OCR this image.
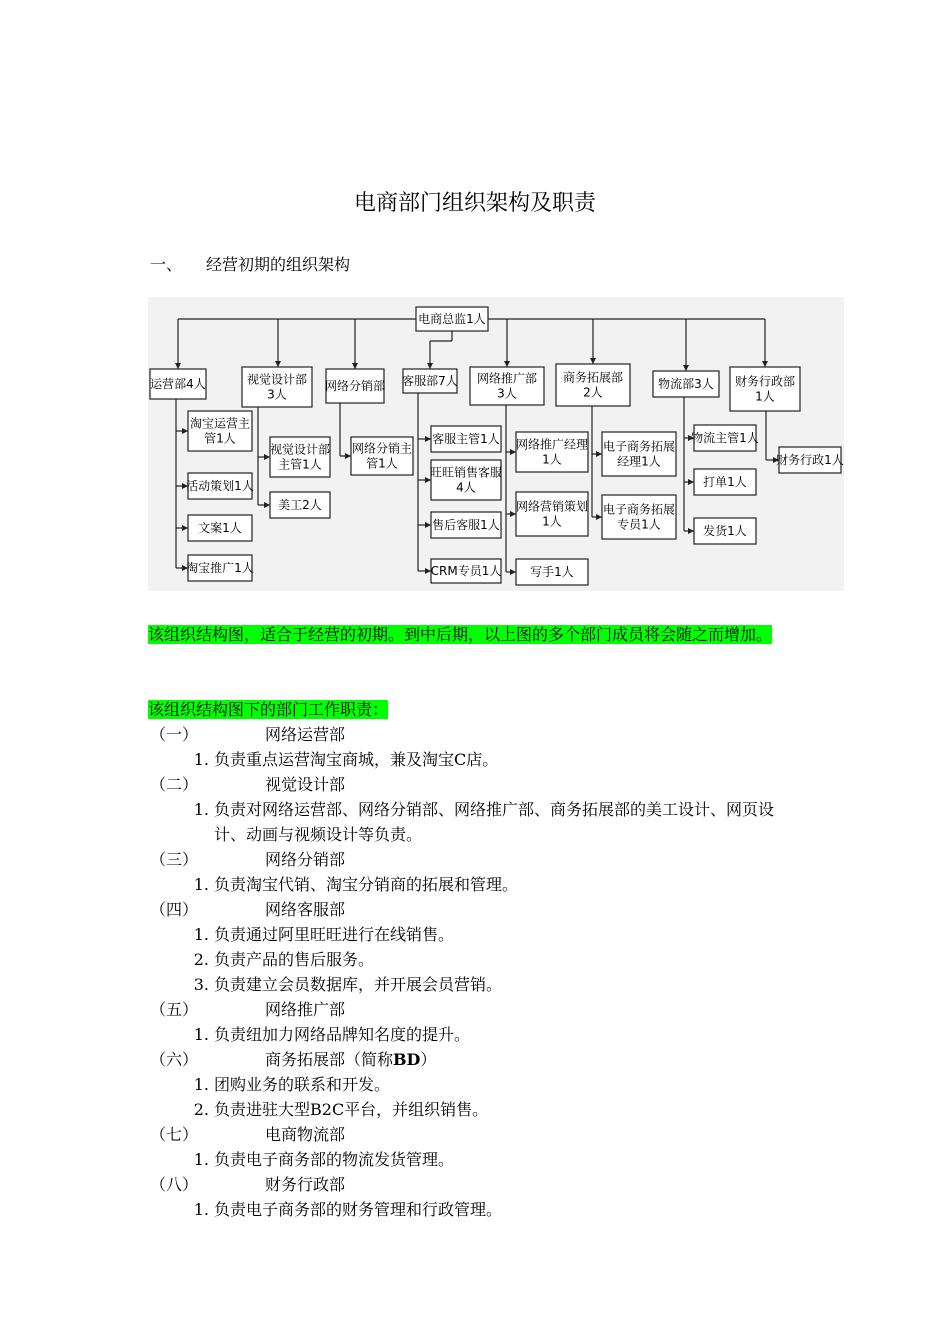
电商部门组织架构及职责
一、 经营初期的组织架构
电商总监1人
运营部4人
淘宝运营主
管1人
活动策划1人
文案1人
淘宝推广1人
视觉设计部
3人
视觉设计部
主管1人
美工2人
网络分销部
网络分销主
管1人
客服部7人
客服主管1人
旺旺销售客服
4人
售后客服1人
CRM专员1人
网络推广部
3人
网络推广经理
1人
网络营销策划
1人
写手1人
商务拓展部
2人
电子商务拓展
经理1人
电子商务拓展
专员1人
物流部3人
物流主管1人
打单1人
发货1人
财务行政部
1人
财务行政1人
该组织结构图，适合于经营的初期。到中后期，以上图的多个部门成员将会随之而增加。
该组织结构图下的部门工作职责：
（一）	网络运营部
1. 负责重点运营淘宝商城，兼及淘宝C店。
（二）	视觉设计部
1. 负责对网络运营部、网络分销部、网络推广部、商务拓展部的美工设计、网页设计、动画与视频设计等负责。
（三）	网络分销部
1. 负责淘宝代销、淘宝分销商的拓展和管理。
（四）	网络客服部
1. 负责通过阿里旺旺进行在线销售。
2. 负责产品的售后服务。
3. 负责建立会员数据库，并开展会员营销。
（五）	网络推广部
1. 负责纽加力网络品牌知名度的提升。
（六）	商务拓展部（简称BD）
1. 团购业务的联系和开发。
2. 负责进驻大型B2C平台，并组织销售。
（七）	电商物流部
1. 负责电子商务部的物流发货管理。
（八）	财务行政部
1. 负责电子商务部的财务管理和行政管理。
